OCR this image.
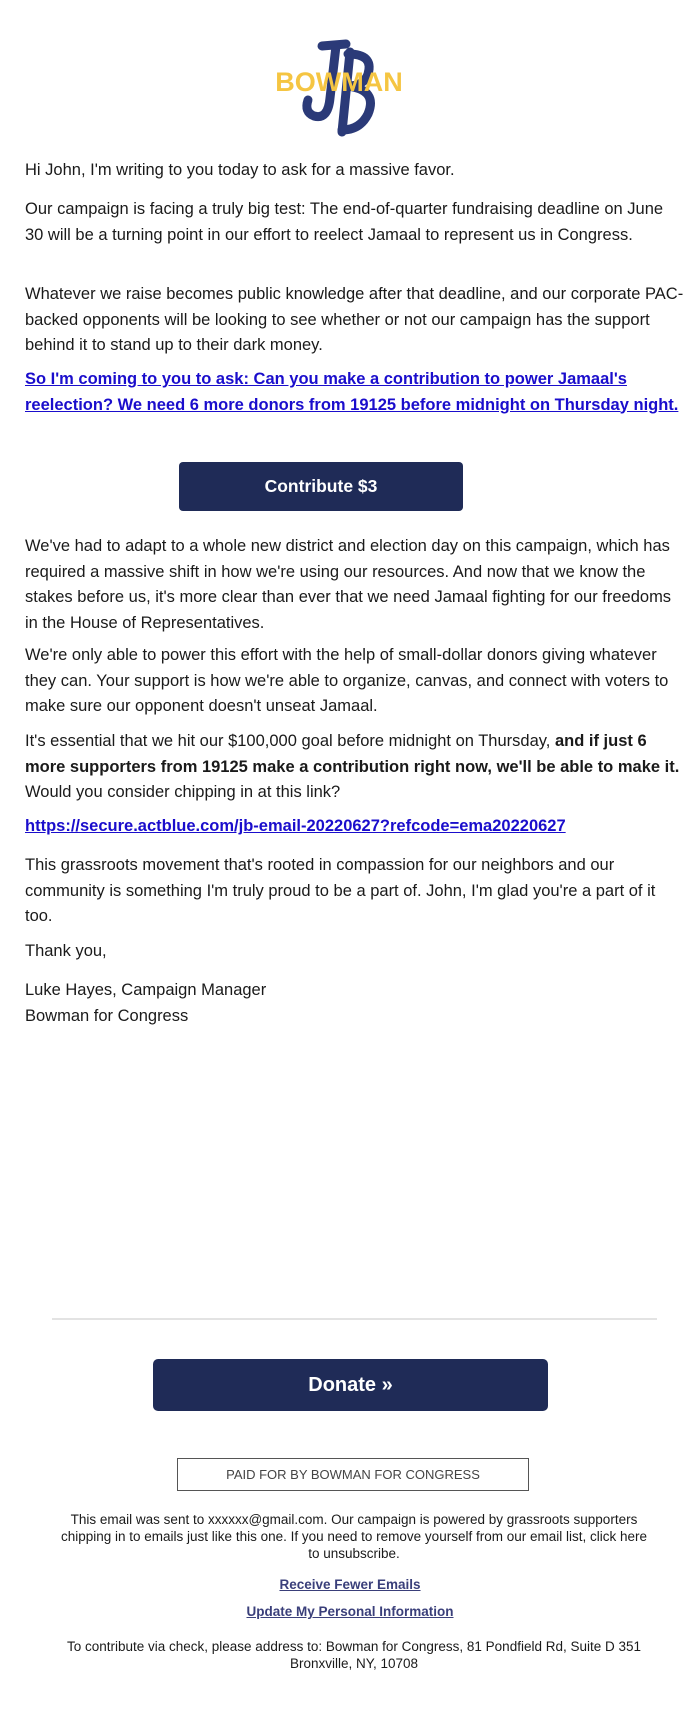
BOWMAN

Hi John, I'm writing to you today to ask for a massive favor.

Our campaign is facing a truly big test: The end-of-quarter fundraising deadline on June 30 will be a turning point in our effort to reelect Jamaal to represent us in Congress.

Whatever we raise becomes public knowledge after that deadline, and our corporate PAC-backed opponents will be looking to see whether or not our campaign has the support behind it to stand up to their dark money.

So I'm coming to you to ask: Can you make a contribution to power Jamaal's reelection? We need 6 more donors from 19125 before midnight on Thursday night.
Contribute $3

We've had to adapt to a whole new district and election day on this campaign, which has required a massive shift in how we're using our resources. And now that we know the stakes before us, it's more clear than ever that we need Jamaal fighting for our freedoms in the House of Representatives.

We're only able to power this effort with the help of small-dollar donors giving whatever they can. Your support is how we're able to organize, canvas, and connect with voters to make sure our opponent doesn't unseat Jamaal.

It's essential that we hit our $100,000 goal before midnight on Thursday, and if just 6 more supporters from 19125 make a contribution right now, we'll be able to make it. Would you consider chipping in at this link?

https://secure.actblue.com/jb-email-20220627?refcode=ema20220627

This grassroots movement that's rooted in compassion for our neighbors and our community is something I'm truly proud to be a part of. John, I'm glad you're a part of it too.

Thank you,

Luke Hayes, Campaign Manager

Bowman for Congress

Donate »
PAID FOR BY BOWMAN FOR CONGRESS
This email was sent to xxxxxx@gmail.com. Our campaign is powered by grassroots supporters chipping in to emails just like this one. If you need to remove yourself from our email list, click here to unsubscribe.
Receive Fewer Emails
Update My Personal Information
To contribute via check, please address to: Bowman for Congress, 81 Pondfield Rd, Suite D 351
Bronxville, NY, 10708
